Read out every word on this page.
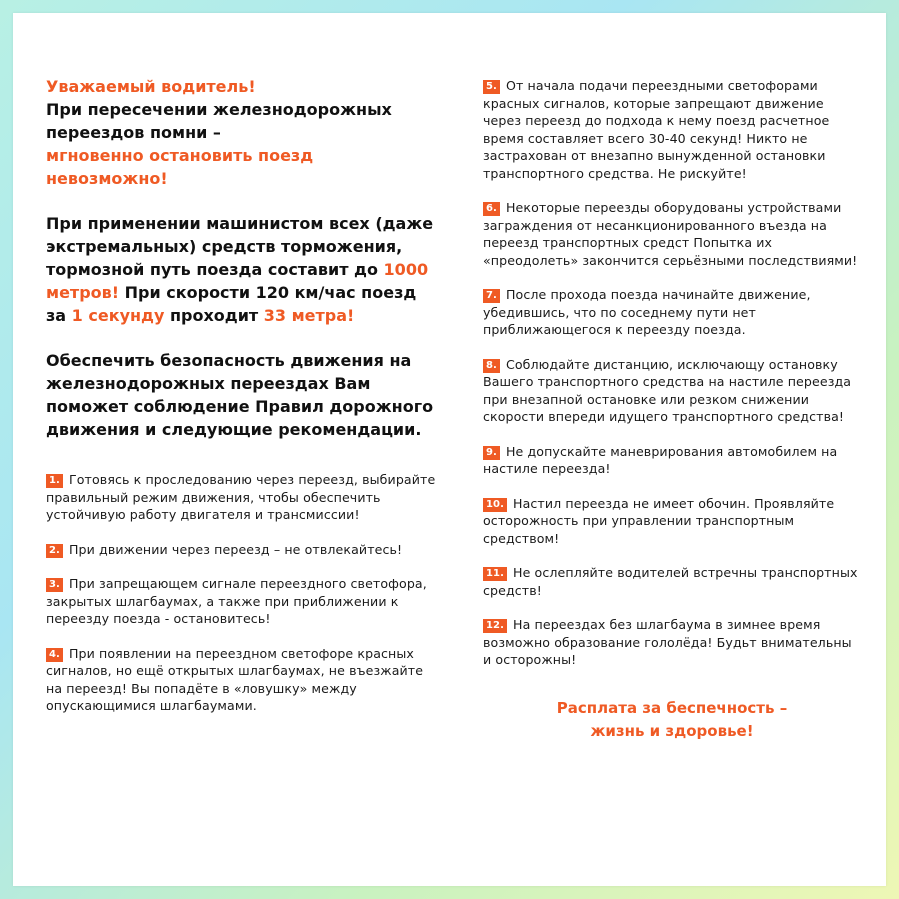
Уважаемый водитель!

При пересечении железнодорожных переездов помни –
мгновенно остановить поезд невозможно!

При применении машинистом всех (даже экстремальных) средств торможения, тормозной путь поезда составит до 1000 метров! При скорости 120 км/час поезд за 1 секунду проходит 33 метра!

Обеспечить безопасность движения на железнодорожных переездах Вам поможет соблюдение Правил дорожного движения и следующие рекомендации.

1. Готовясь к проследованию через переезд, выбирайте правильный режим движения, чтобы обеспечить устойчивую работу двигателя и трансмиссии!

2. При движении через переезд – не отвлекайтесь!

3. При запрещающем сигнале переездного светофора, закрытых шлагбаумах, а также при приближении к переезду поезда - остановитесь!

4. При появлении на переездном светофоре красных сигналов, но ещё открытых шлагбаумах, не въезжайте на переезд! Вы попадёте в «ловушку» между опускающимися шлагбаумами.

5. От начала подачи переездными светофорами красных сигналов, которые запрещают движение через переезд до подхода к нему поезд расчетное время составляет всего 30-40 секунд! Никто не застрахован от внезапно вынужденной остановки транспортного средства. Не рискуйте!

6. Некоторые переезды оборудованы устройствами заграждения от несанкционированного въезда на переезд транспортных средст Попытка их «преодолеть» закончится серьёзными последствиями!

7. После прохода поезда начинайте движение, убедившись, что по соседнему пути нет приближающегося к переезду поезда.

8. Соблюдайте дистанцию, исключающу остановку Вашего транспортного средства на настиле переезда при внезапной остановке или резком снижении скорости впереди идущего транспортного средства!

9. Не допускайте маневрирования автомобилем на настиле переезда!

10. Настил переезда не имеет обочин. Проявляйте осторожность при управлении транспортным средством!

11. Не ослепляйте водителей встречны транспортных средств!

12. На переездах без шлагбаума в зимнее время возможно образование гололёда! Будьт внимательны и осторожны!

Расплата за беспечность –
жизнь и здоровье!
